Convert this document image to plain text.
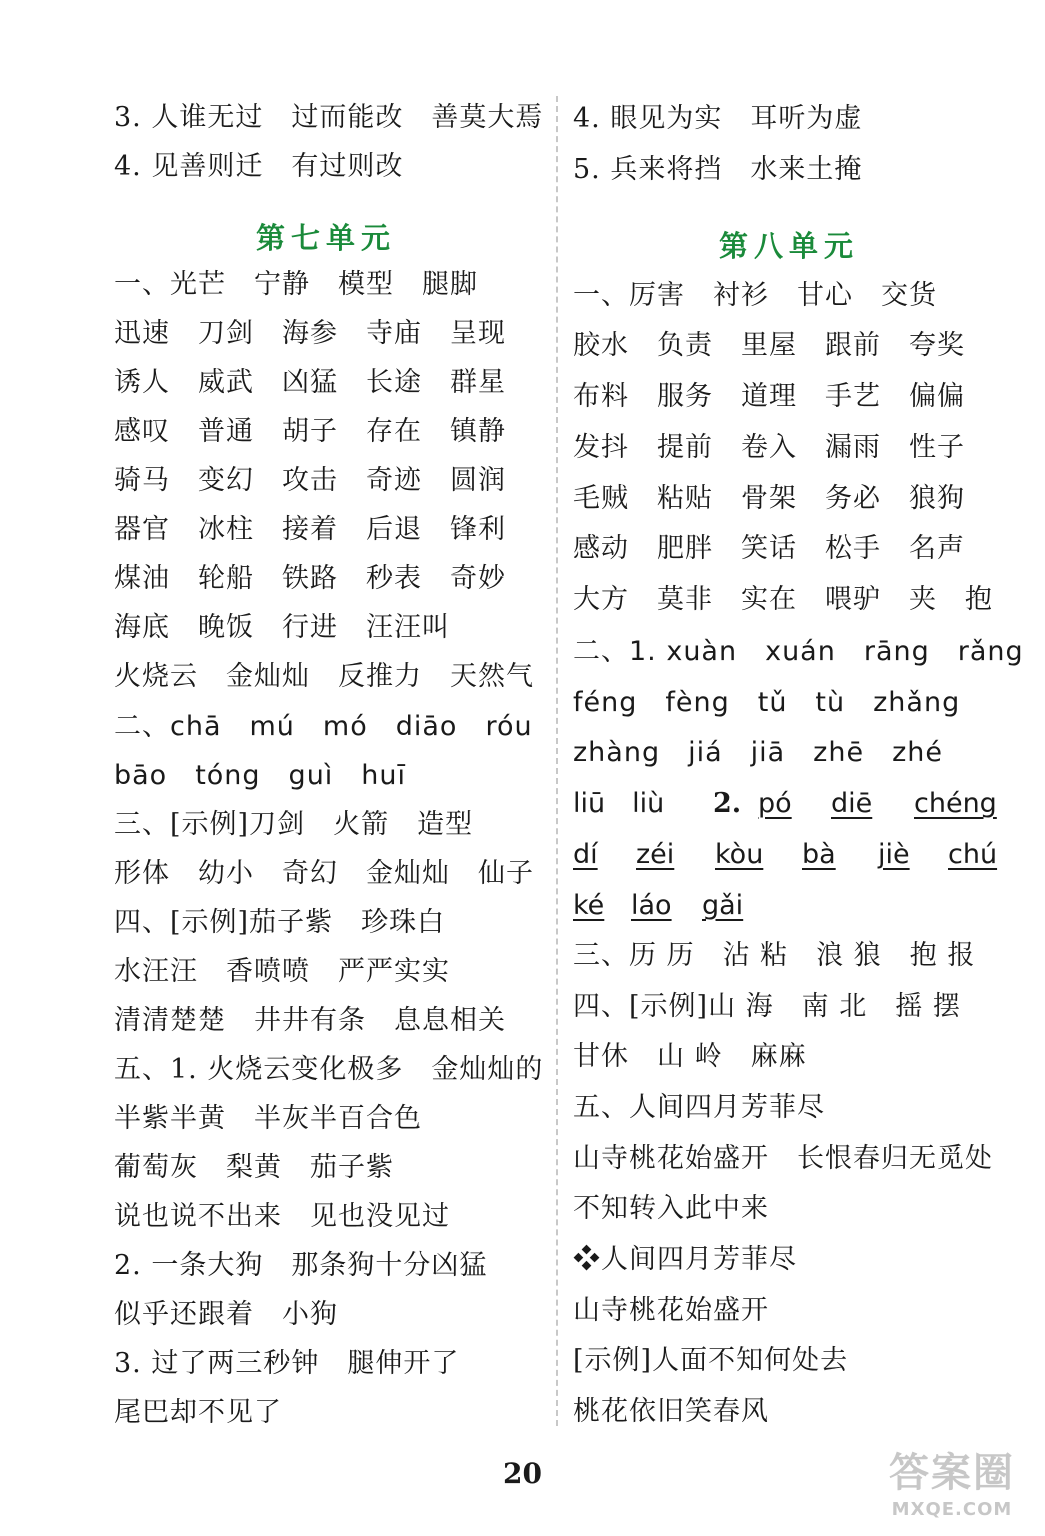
3. 人谁无过　过而能改　善莫大焉
4. 见善则迁　有过则改
第七单元
一、光芒　宁静　模型　腿脚
迅速　刀剑　海参　寺庙　呈现
诱人　威武　凶猛　长途　群星
感叹　普通　胡子　存在　镇静
骑马　变幻　攻击　奇迹　圆润
器官　冰柱　接着　后退　锋利
煤油　轮船　铁路　秒表　奇妙
海底　晚饭　行进　汪汪叫
火烧云　金灿灿　反推力　天然气
二、chā　mú　mó　diāo　róu
bāo　tóng　guì　huī
三、[示例]刀剑　火箭　造型
形体　幼小　奇幻　金灿灿　仙子
四、[示例]茄子紫　珍珠白
水汪汪　香喷喷　严严实实
清清楚楚　井井有条　息息相关
五、1. 火烧云变化极多　金灿灿的
半紫半黄　半灰半百合色
葡萄灰　梨黄　茄子紫
说也说不出来　见也没见过
2. 一条大狗　那条狗十分凶猛
似乎还跟着　小狗
3. 过了两三秒钟　腿伸开了
尾巴却不见了
4. 眼见为实　耳听为虚
5. 兵来将挡　水来土掩
第八单元
一、厉害　衬衫　甘心　交货
胶水　负责　里屋　跟前　夸奖
布料　服务　道理　手艺　偏偏
发抖　提前　卷入　漏雨　性子
毛贼　粘贴　骨架　务必　狼狗
感动　肥胖　笑话　松手　名声
大方　莫非　实在　喂驴　夹　抱
二、1. xuàn　xuán　rāng　rǎng
féng　fèng　tǔ　tù　zhǎng
zhàng　jiá　jiā　zhē　zhé
liū　liù　 2. pó diē chéng
dí zéi kòu bà jiè chú
ké láo gǎi
三、历 历　沾 粘　浪 狼　抱 报
四、[示例]山 海　南 北　摇 摆
甘休　山 岭　麻麻
五、人间四月芳菲尽
山寺桃花始盛开　长恨春归无觅处
不知转入此中来
❖人间四月芳菲尽
山寺桃花始盛开
[示例]人面不知何处去
桃花依旧笑春风
20	答案圈
MXQE.COM
